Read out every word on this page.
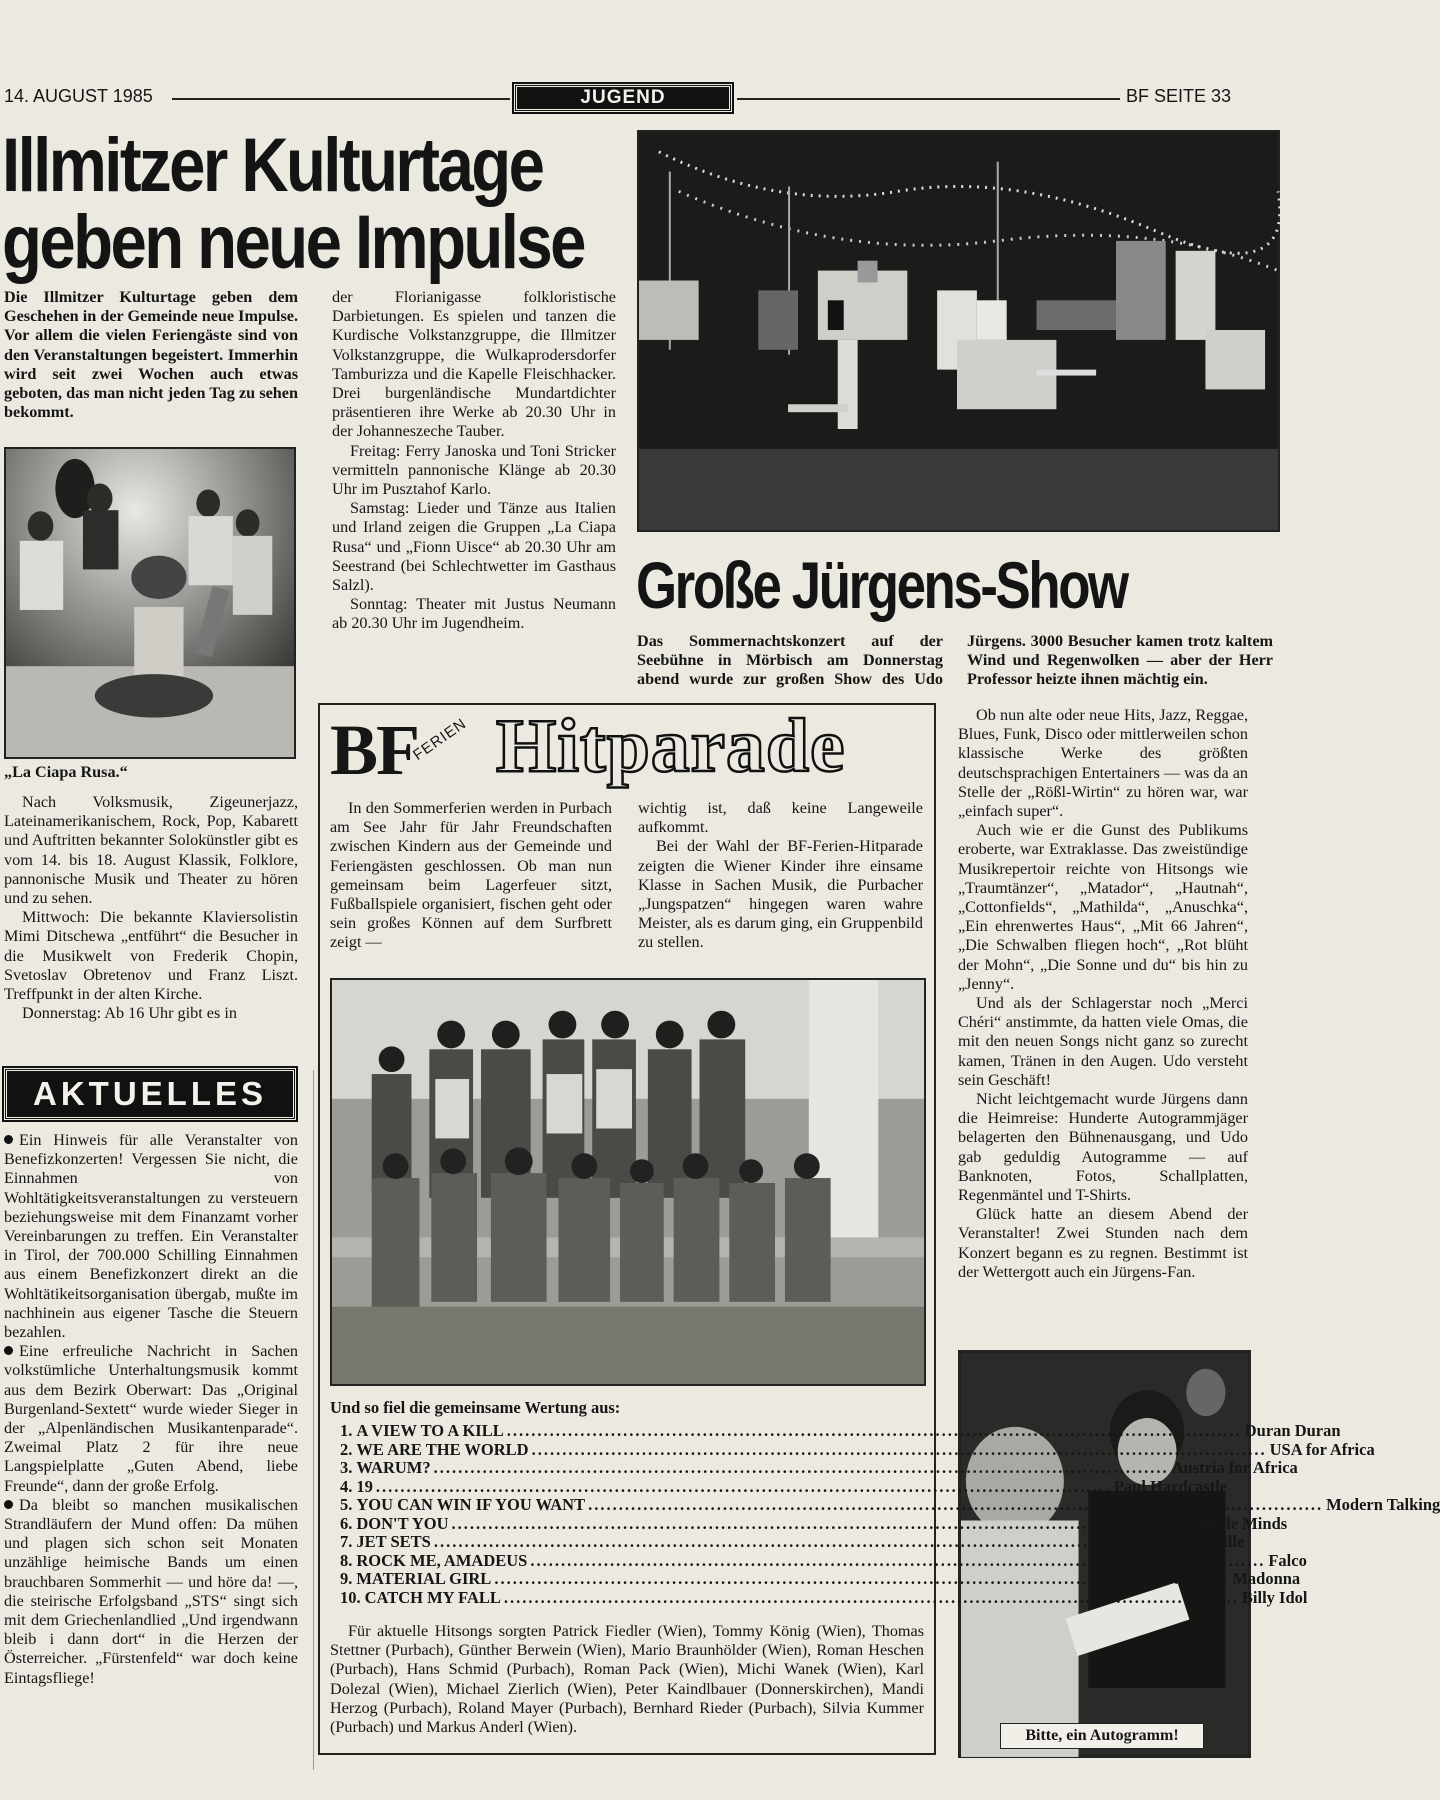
14. AUGUST 1985	JUGEND	BF SEITE 33
Illmitzer Kulturtage
geben neue Impulse
Die Illmitzer Kulturtage geben dem Geschehen in der Gemeinde neue Impulse. Vor allem die vielen Feriengäste sind von den Veranstaltungen begeistert. Immerhin wird seit zwei Wochen auch etwas geboten, das man nicht jeden Tag zu sehen bekommt.
„La Ciapa Rusa.“

Nach Volksmusik, Zigeunerjazz, Lateinamerikanischem, Rock, Pop, Kabarett und Auftritten bekannter Solokünstler gibt es vom 14. bis 18. August Klassik, Folklore, pannonische Musik und Theater zu hören und zu sehen.

Mittwoch: Die bekannte Klaviersolistin Mimi Ditschewa „entführt“ die Besucher in die Musikwelt von Frederik Chopin, Svetoslav Obretenov und Franz Liszt. Treffpunkt in der alten Kirche.

Donnerstag: Ab 16 Uhr gibt es in

der Florianigasse folkloristische Darbietungen. Es spielen und tanzen die Kurdische Volkstanzgruppe, die Illmitzer Volkstanzgruppe, die Wulkaprodersdorfer Tamburizza und die Kapelle Fleischhacker. Drei burgenländische Mundartdichter präsentieren ihre Werke ab 20.30 Uhr in der Johanneszeche Tauber.

Freitag: Ferry Janoska und Toni Stricker vermitteln pannonische Klänge ab 20.30 Uhr im Pusztahof Karlo.

Samstag: Lieder und Tänze aus Italien und Irland zeigen die Gruppen „La Ciapa Rusa“ und „Fionn Uisce“ ab 20.30 Uhr am Seestrand (bei Schlechtwetter im Gasthaus Salzl).

Sonntag: Theater mit Justus Neumann ab 20.30 Uhr im Jugendheim.

AKTUELLES

Ein Hinweis für alle Veranstalter von Benefizkonzerten! Vergessen Sie nicht, die Einnahmen von Wohltätigkeitsveranstaltungen zu versteuern beziehungsweise mit dem Finanzamt vorher Vereinbarungen zu treffen. Ein Veranstalter in Tirol, der 700.000 Schilling Einnahmen aus einem Benefizkonzert direkt an die Wohltätikeitsorganisation übergab, mußte im nachhinein aus eigener Tasche die Steuern bezahlen.

Eine erfreuliche Nachricht in Sachen volkstümliche Unterhaltungsmusik kommt aus dem Bezirk Oberwart: Das „Original Burgenland-Sextett“ wurde wieder Sieger in der „Alpenländischen Musikantenparade“. Zweimal Platz 2 für ihre neue Langspielplatte „Guten Abend, liebe Freunde“, dann der große Erfolg.

Da bleibt so manchen musikalischen Strandläufern der Mund offen: Da mühen und plagen sich schon seit Monaten unzählige heimische Bands um einen brauchbaren Sommerhit — und höre da! —, die steirische Erfolgsband „STS“ singt sich mit dem Griechenlandlied „Und irgendwann bleib i dann dort“ in die Herzen der Österreicher. „Fürstenfeld“ war doch keine Eintagsfliege!

Große Jürgens-Show
Das Sommernachtskonzert auf der Seebühne in Mörbisch am Donnerstag abend wurde zur großen Show des Udo Jürgens. 3000 Besucher kamen trotz kaltem Wind und Regenwolken — aber der Herr Professor heizte ihnen mächtig ein.

Ob nun alte oder neue Hits, Jazz, Reggae, Blues, Funk, Disco oder mittlerweilen schon klassische Werke des größten deutschsprachigen Entertainers — was da an Stelle der „Rößl-Wirtin“ zu hören war, war „einfach super“.

Auch wie er die Gunst des Publikums eroberte, war Extraklasse. Das zweistündige Musikrepertoir reichte von Hitsongs wie „Traumtänzer“, „Matador“, „Hautnah“, „Cottonfields“, „Mathilda“, „Anuschka“, „Ein ehrenwertes Haus“, „Mit 66 Jahren“, „Die Schwalben fliegen hoch“, „Rot blüht der Mohn“, „Die Sonne und du“ bis hin zu „Jenny“.

Und als der Schlagerstar noch „Merci Chéri“ anstimmte, da hatten viele Omas, die mit den neuen Songs nicht ganz so zurecht kamen, Tränen in den Augen. Udo versteht sein Geschäft!

Nicht leichtgemacht wurde Jürgens dann die Heimreise: Hunderte Autogrammjäger belagerten den Bühnenausgang, und Udo gab geduldig Autogramme — auf Banknoten, Fotos, Schallplatten, Regenmäntel und T-Shirts.

Glück hatte an diesem Abend der Veranstalter! Zwei Stunden nach dem Konzert begann es zu regnen. Bestimmt ist der Wettergott auch ein Jürgens-Fan.

Bitte, ein Autogramm!
BF
FERIEN Hitparade

In den Sommerferien werden in Purbach am See Jahr für Jahr Freundschaften zwischen Kindern aus der Gemeinde und Feriengästen geschlossen. Ob man nun gemeinsam beim Lagerfeuer sitzt, Fußballspiele organisiert, fischen geht oder sein großes Können auf dem Surfbrett zeigt —

wichtig ist, daß keine Langeweile aufkommt.

Bei der Wahl der BF-Ferien-Hitparade zeigten die Wiener Kinder ihre einsame Klasse in Sachen Musik, die Purbacher „Jungspatzen“ hingegen waren wahre Meister, als es darum ging, ein Gruppenbild zu stellen.

Und so fiel die gemeinsame Wertung aus:
1. A VIEW TO A KILL ........................................................................................................................ Duran Duran
2. WE ARE THE WORLD ........................................................................................................................ USA for Africa
3. WARUM? ........................................................................................................................ Austria for Africa
4. 19 ........................................................................................................................ Paul Hardcastle
5. YOU CAN WIN IF YOU WANT ........................................................................................................................ Modern Talking
6. DON'T YOU ........................................................................................................................ Simple Minds
7. JET SETS ........................................................................................................................ Alphaville
8. ROCK ME, AMADEUS ........................................................................................................................ Falco
9. MATERIAL GIRL ........................................................................................................................ Madonna
10. CATCH MY FALL ........................................................................................................................ Billy Idol

Für aktuelle Hitsongs sorgten Patrick Fiedler (Wien), Tommy König (Wien), Thomas Stettner (Purbach), Günther Berwein (Wien), Mario Braunhölder (Wien), Roman Heschen (Purbach), Hans Schmid (Purbach), Roman Pack (Wien), Michi Wanek (Wien), Karl Dolezal (Wien), Michael Zierlich (Wien), Peter Kaindlbauer (Donnerskirchen), Mandi Herzog (Purbach), Roland Mayer (Purbach), Bernhard Rieder (Purbach), Silvia Kummer (Purbach) und Markus Anderl (Wien).
